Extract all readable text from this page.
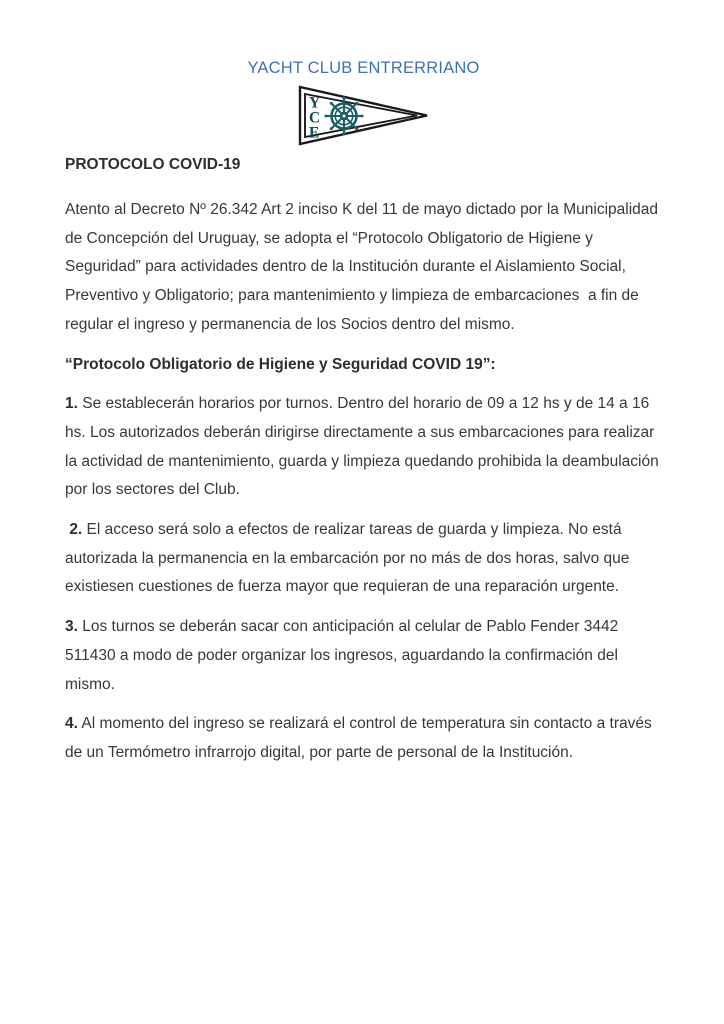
YACHT CLUB ENTRERRIANO
Y
C
E
PROTOCOLO COVID-19

Atento al Decreto Nº 26.342 Art 2 inciso K del 11 de mayo dictado por la Municipalidad de Concepción del Uruguay, se adopta el “Protocolo Obligatorio de Higiene y Seguridad” para actividades dentro de la Institución durante el Aislamiento Social, Preventivo y Obligatorio; para mantenimiento y limpieza de embarcaciones  a fin de regular el ingreso y permanencia de los Socios dentro del mismo.

“Protocolo Obligatorio de Higiene y Seguridad COVID 19”:

1. Se establecerán horarios por turnos. Dentro del horario de 09 a 12 hs y de 14 a 16 hs. Los autorizados deberán dirigirse directamente a sus embarcaciones para realizar la actividad de mantenimiento, guarda y limpieza quedando prohibida la deambulación por los sectores del Club.

2. El acceso será solo a efectos de realizar tareas de guarda y limpieza. No está autorizada la permanencia en la embarcación por no más de dos horas, salvo que existiesen cuestiones de fuerza mayor que requieran de una reparación urgente.

3. Los turnos se deberán sacar con anticipación al celular de Pablo Fender 3442 511430 a modo de poder organizar los ingresos, aguardando la confirmación del mismo.

4. Al momento del ingreso se realizará el control de temperatura sin contacto a través de un Termómetro infrarrojo digital, por parte de personal de la Institución.
